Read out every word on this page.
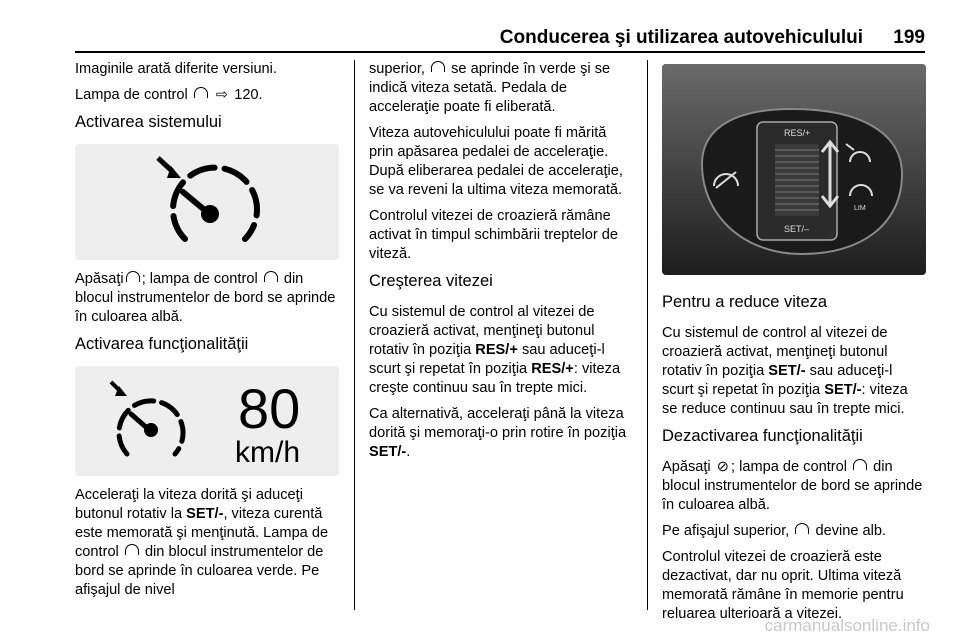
Conducerea şi utilizarea autovehiculului 199

Imaginile arată diferite versiuni.

Lampa de control ⇨ 120.

Activarea sistemului

Apăsaţi ; lampa de control din blocul instrumentelor de bord se aprinde în culoarea albă.

Activarea funcţionalităţii
80
km/h

Acceleraţi la viteza dorită şi aduceţi butonul rotativ la SET/-, viteza curentă este memorată şi menţinută. Lampa de control din blocul instrumentelor de bord se aprinde în culoarea verde. Pe afişajul de nivel

superior, se aprinde în verde şi se indică viteza setată. Pedala de acceleraţie poate fi eliberată.

Viteza autovehiculului poate fi mărită prin apăsarea pedalei de acceleraţie. După eliberarea pedalei de acceleraţie, se va reveni la ultima viteza memorată.

Controlul vitezei de croazieră rămâne activat în timpul schimbării treptelor de viteză.

Creşterea vitezei

Cu sistemul de control al vitezei de croazieră activat, menţineţi butonul rotativ în poziţia RES/+ sau aduceţi-l scurt şi repetat în poziţia RES/+: viteza creşte continuu sau în trepte mici.

Ca alternativă, acceleraţi până la viteza dorită şi memoraţi-o prin rotire în poziţia SET/-.

RES/+
SET/–
LIM
Pentru a reduce viteza

Cu sistemul de control al vitezei de croazieră activat, menţineţi butonul rotativ în poziţia SET/- sau aduceţi-l scurt şi repetat în poziţia SET/-: viteza se reduce continuu sau în trepte mici.

Dezactivarea funcţionalităţii

Apăsaţi ⊘ ; lampa de control din blocul instrumentelor de bord se aprinde în culoarea albă.

Pe afişajul superior, devine alb.

Controlul vitezei de croazieră este dezactivat, dar nu oprit. Ultima viteză memorată rămâne în memorie pentru reluarea ulterioară a vitezei.

carmanualsonline.info
